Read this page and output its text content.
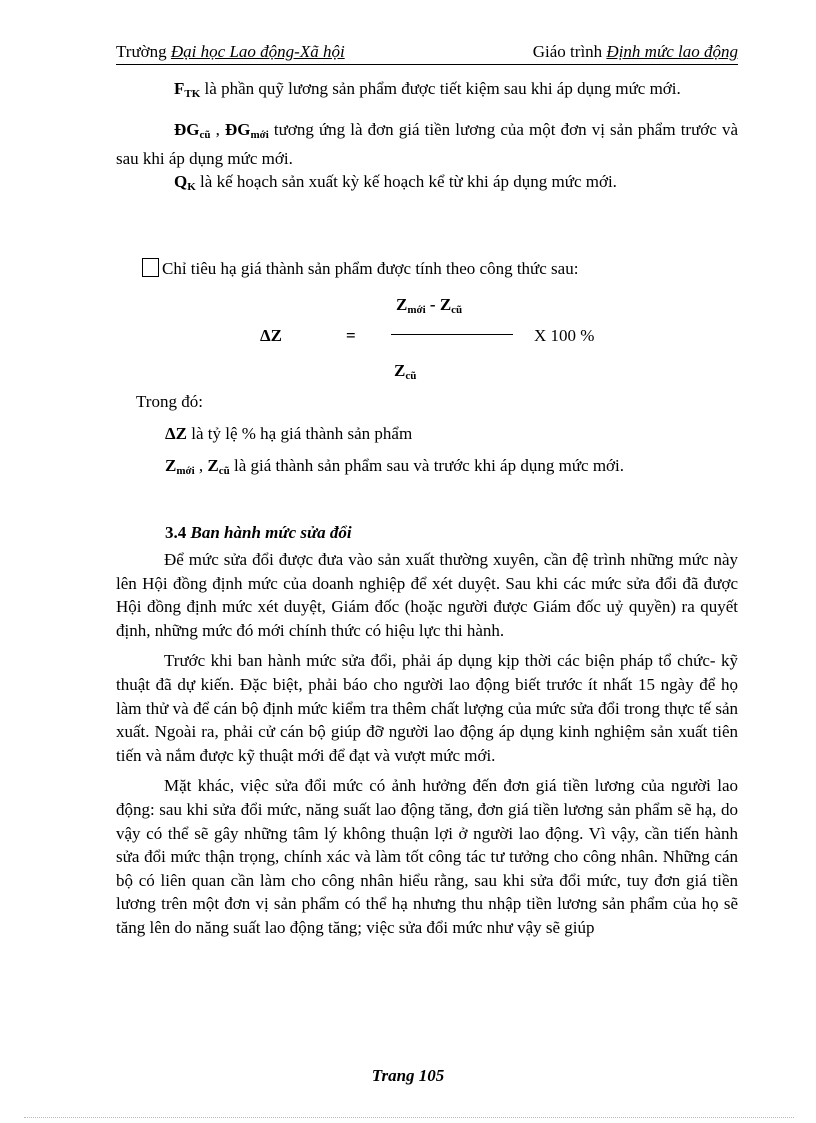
Trường Đại học Lao động-Xã hội	Giáo trình Định mức lao động

$F_{TK}$ là phần quỹ lương sản phẩm được tiết kiệm sau khi áp dụng mức mới.

$ĐG_{cũ}$ , $ĐG_{mới}$ tương ứng là đơn giá tiền lương của một đơn vị sản phẩm trước và sau khi áp dụng mức mới.

$Q_K$ là kế hoạch sản xuất kỳ kế hoạch kể từ khi áp dụng mức mới.

Chỉ tiêu hạ giá thành sản phẩm được tính theo công thức sau:
$Z_{mới} - Z_{cũ}$
$Z_{cũ}$
ΔZ	=	X 100 %
Trong đó:
ΔZ là tỷ lệ % hạ giá thành sản phẩm
$Z_{mới}$ , $Z_{cũ}$ là giá thành sản phẩm sau và trước khi áp dụng mức mới.
3.4 Ban hành mức sửa đổi

Để mức sửa đổi được đưa vào sản xuất thường xuyên, cần đệ trình những mức này lên Hội đồng định mức của doanh nghiệp để xét duyệt. Sau khi các mức sửa đổi đã được Hội đồng định mức xét duyệt, Giám đốc (hoặc người được Giám đốc uỷ quyền) ra quyết định, những mức đó mới chính thức có hiệu lực thi hành.

Trước khi ban hành mức sửa đổi, phải áp dụng kịp thời các biện pháp tổ chức- kỹ thuật đã dự kiến. Đặc biệt, phải báo cho người lao động biết trước ít nhất 15 ngày để họ làm thử và để cán bộ định mức kiểm tra thêm chất lượng của mức sửa đổi trong thực tế sản xuất. Ngoài ra, phải cử cán bộ giúp đỡ người lao động áp dụng kinh nghiệm sản xuất tiên tiến và nắm được kỹ thuật mới để đạt và vượt mức mới.

Mặt khác, việc sửa đổi mức có ảnh hưởng đến đơn giá tiền lương của người lao động: sau khi sửa đổi mức, năng suất lao động tăng, đơn giá tiền lương sản phẩm sẽ hạ, do vậy có thể sẽ gây những tâm lý không thuận lợi ở người lao động. Vì vậy, cần tiến hành sửa đổi mức thận trọng, chính xác và làm tốt công tác tư tưởng cho công nhân. Những cán bộ có liên quan cần làm cho công nhân hiểu rằng, sau khi sửa đổi mức, tuy đơn giá tiền lương trên một đơn vị sản phẩm có thể hạ nhưng thu nhập tiền lương sản phẩm của họ sẽ tăng lên do năng suất lao động tăng; việc sửa đổi mức như vậy sẽ giúp

Trang 105
